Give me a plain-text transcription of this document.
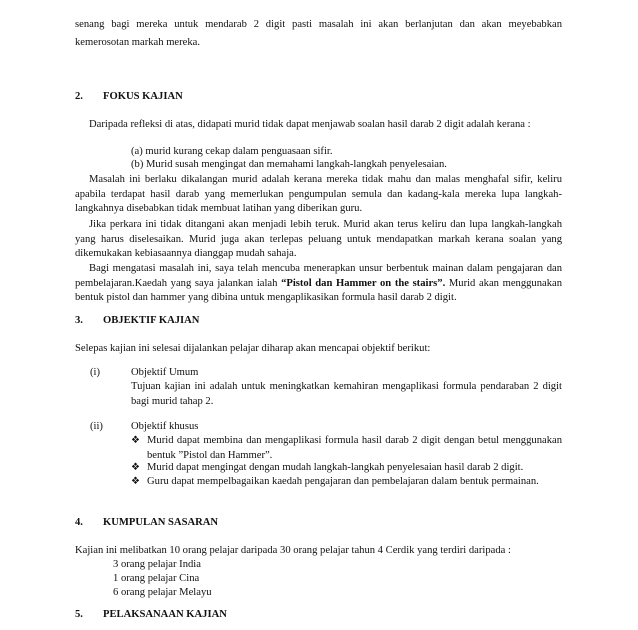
senang bagi mereka untuk mendarab 2 digit pasti masalah ini akan berlanjutan dan akan meyebabkan
kemerosotan markah mereka.
2. FOKUS KAJIAN
Daripada refleksi di atas, didapati murid tidak dapat menjawab soalan hasil darab 2 digit adalah kerana :
(a) murid kurang cekap dalam penguasaan sifir.
(b) Murid susah mengingat dan memahami langkah-langkah penyelesaian.
Masalah ini berlaku dikalangan murid adalah kerana mereka tidak mahu dan malas menghafal sifir, keliru apabila terdapat hasil darab yang memerlukan pengumpulan semula dan kadang-kala mereka lupa langkah-langkahnya disebabkan tidak membuat latihan yang diberikan guru.
Jika perkara ini tidak ditangani akan menjadi lebih teruk. Murid akan terus keliru dan lupa langkah-langkah yang harus diselesaikan. Murid juga akan terlepas peluang untuk mendapatkan markah kerana soalan yang dikemukakan kebiasaannya dianggap mudah sahaja.
Bagi mengatasi masalah ini, saya telah mencuba menerapkan unsur berbentuk mainan dalam pengajaran dan pembelajaran.Kaedah yang saya jalankan ialah “Pistol dan Hammer on the stairs”. Murid akan menggunakan bentuk pistol dan hammer yang dibina untuk mengaplikasikan formula hasil darab 2 digit.
3. OBJEKTIF KAJIAN
Selepas kajian ini selesai dijalankan pelajar diharap akan mencapai objektif berikut:
(i)	Objektif Umum
Tujuan kajian ini adalah untuk meningkatkan kemahiran mengaplikasi formula pendaraban 2 digit bagi murid tahap 2.
(ii)	Objektif khusus
❖ Murid dapat membina dan mengaplikasi formula hasil darab 2 digit dengan betul menggunakan bentuk ”Pistol dan Hammer”.
❖ Murid dapat mengingat dengan mudah langkah-langkah penyelesaian hasil darab 2 digit.
❖ Guru dapat mempelbagaikan kaedah pengajaran dan pembelajaran dalam bentuk permainan.
4. KUMPULAN SASARAN
Kajian ini melibatkan 10 orang pelajar daripada 30 orang pelajar tahun 4 Cerdik yang terdiri daripada :
3 orang pelajar India
1 orang pelajar Cina
6 orang pelajar Melayu
5. PELAKSANAAN KAJIAN
